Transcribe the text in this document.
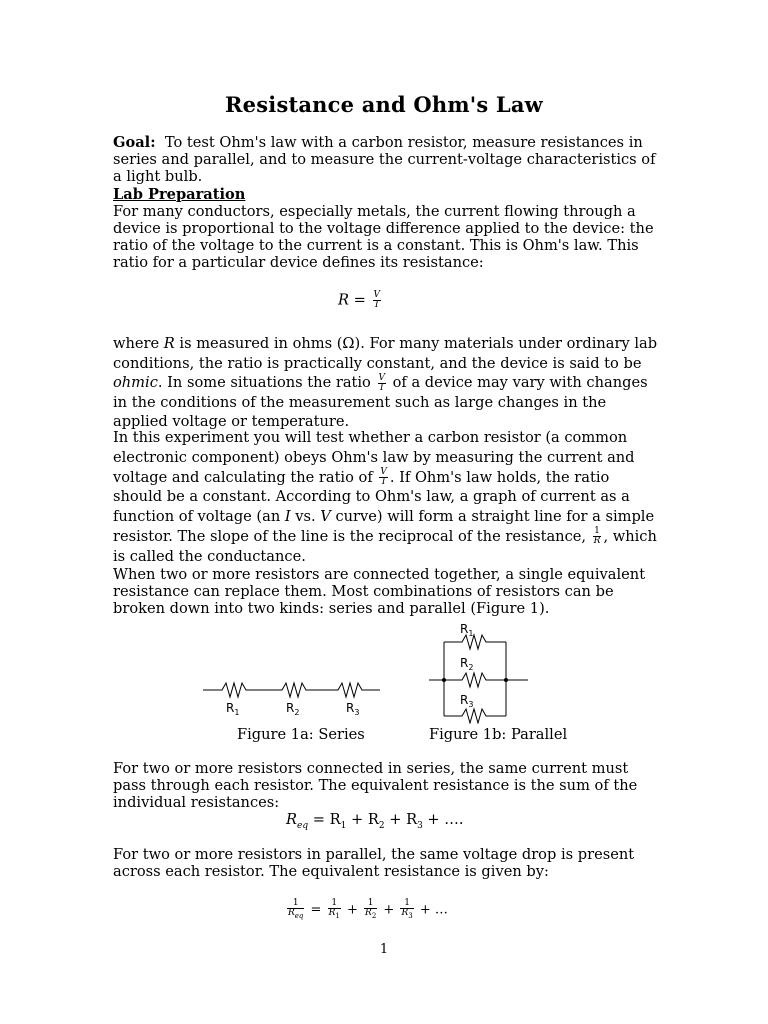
Resistance and Ohm's Law
Goal: To test Ohm's law with a carbon resistor, measure resistances in series and parallel, and to measure the current-voltage characteristics of a light bulb.
Lab Preparation
For many conductors, especially metals, the current flowing through a device is proportional to the voltage difference applied to the device: the ratio of the voltage to the current is a constant. This is Ohm's law. This ratio for a particular device defines its resistance:
$R = \frac{V}{I}$
where R is measured in ohms (Ω). For many materials under ordinary lab conditions, the ratio is practically constant, and the device is said to be ohmic. In some situations the ratio $\frac{V}{I}$ of a device may vary with changes in the conditions of the measurement such as large changes in the applied voltage or temperature.
In this experiment you will test whether a carbon resistor (a common electronic component) obeys Ohm's law by measuring the current and voltage and calculating the ratio of $\frac{V}{I}$ . If Ohm's law holds, the ratio should be a constant. According to Ohm's law, a graph of current as a function of voltage (an I vs. V curve) will form a straight line for a simple resistor. The slope of the line is the reciprocal of the resistance, $\frac{1}{R}$ , which is called the conductance.
When two or more resistors are connected together, a single equivalent resistance can replace them. Most combinations of resistors can be broken down into two kinds: series and parallel (Figure 1).
$R_1$	$R_2$	$R_3$
$R_1$
$R_2$
$R_3$
Figure 1a: Series	Figure 1b: Parallel
For two or more resistors connected in series, the same current must pass through each resistor. The equivalent resistance is the sum of the individual resistances:
$R_{eq} = R_1 + R_2 + R_3$ + ….
For two or more resistors in parallel, the same voltage drop is present across each resistor. The equivalent resistance is given by:
$\frac{1}{R_{eq}} = \frac{1}{R_1} + \frac{1}{R_2} + \frac{1}{R_3}$ + …
1
